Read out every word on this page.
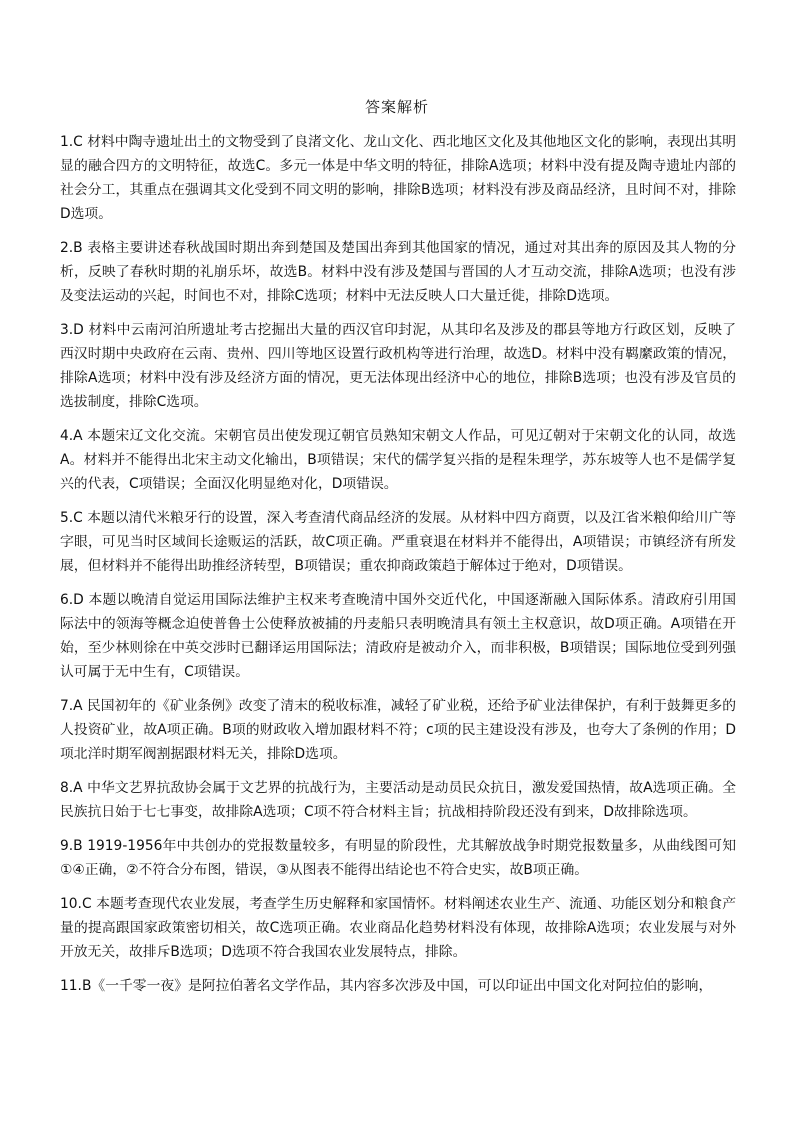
答案解析

1.C 材料中陶寺遗址出土的文物受到了良渚文化、龙山文化、西北地区文化及其他地区文化的影响，表现出其明显的融合四方的文明特征，故选C。多元一体是中华文明的特征，排除A选项；材料中没有提及陶寺遗址内部的社会分工，其重点在强调其文化受到不同文明的影响，排除B选项；材料没有涉及商品经济，且时间不对，排除D选项。

2.B 表格主要讲述春秋战国时期出奔到楚国及楚国出奔到其他国家的情况，通过对其出奔的原因及其人物的分析，反映了春秋时期的礼崩乐坏，故选B。材料中没有涉及楚国与晋国的人才互动交流，排除A选项；也没有涉及变法运动的兴起，时间也不对，排除C选项；材料中无法反映人口大量迁徙，排除D选项。

3.D 材料中云南河泊所遗址考古挖掘出大量的西汉官印封泥，从其印名及涉及的郡县等地方行政区划，反映了西汉时期中央政府在云南、贵州、四川等地区设置行政机构等进行治理，故选D。材料中没有羁縻政策的情况，排除A选项；材料中没有涉及经济方面的情况，更无法体现出经济中心的地位，排除B选项；也没有涉及官员的选拔制度，排除C选项。

4.A 本题宋辽文化交流。宋朝官员出使发现辽朝官员熟知宋朝文人作品，可见辽朝对于宋朝文化的认同，故选A。材料并不能得出北宋主动文化输出，B项错误；宋代的儒学复兴指的是程朱理学，苏东坡等人也不是儒学复兴的代表，C项错误；全面汉化明显绝对化，D项错误。

5.C 本题以清代米粮牙行的设置，深入考查清代商品经济的发展。从材料中四方商贾，以及江省米粮仰给川广等字眼，可见当时区域间长途贩运的活跃，故C项正确。严重衰退在材料并不能得出，A项错误；市镇经济有所发展，但材料并不能得出助推经济转型，B项错误；重农抑商政策趋于解体过于绝对，D项错误。

6.D 本题以晚清自觉运用国际法维护主权来考查晚清中国外交近代化，中国逐渐融入国际体系。清政府引用国际法中的领海等概念迫使普鲁士公使释放被捕的丹麦船只表明晚清具有领土主权意识，故D项正确。A项错在开始，至少林则徐在中英交涉时已翻译运用国际法；清政府是被动介入，而非积极，B项错误；国际地位受到列强认可属于无中生有，C项错误。

7.A 民国初年的《矿业条例》改变了清末的税收标准，减轻了矿业税，还给予矿业法律保护，有利于鼓舞更多的人投资矿业，故A项正确。B项的财政收入增加跟材料不符；c项的民主建设没有涉及，也夸大了条例的作用；D项北洋时期军阀割据跟材料无关，排除D选项。

8.A 中华文艺界抗敌协会属于文艺界的抗战行为，主要活动是动员民众抗日，激发爱国热情，故A选项正确。全民族抗日始于七七事变，故排除A选项；C项不符合材料主旨；抗战相持阶段还没有到来，D故排除选项。

9.B 1919-1956年中共创办的党报数量较多，有明显的阶段性，尤其解放战争时期党报数量多，从曲线图可知①④正确，②不符合分布图，错误，③从图表不能得出结论也不符合史实，故B项正确。

10.C 本题考查现代农业发展，考查学生历史解释和家国情怀。材料阐述农业生产、流通、功能区划分和粮食产量的提高跟国家政策密切相关，故C选项正确。农业商品化趋势材料没有体现，故排除A选项；农业发展与对外开放无关，故排斥B选项；D选项不符合我国农业发展特点，排除。

11.B《一千零一夜》是阿拉伯著名文学作品，其内容多次涉及中国，可以印证出中国文化对阿拉伯的影响，
